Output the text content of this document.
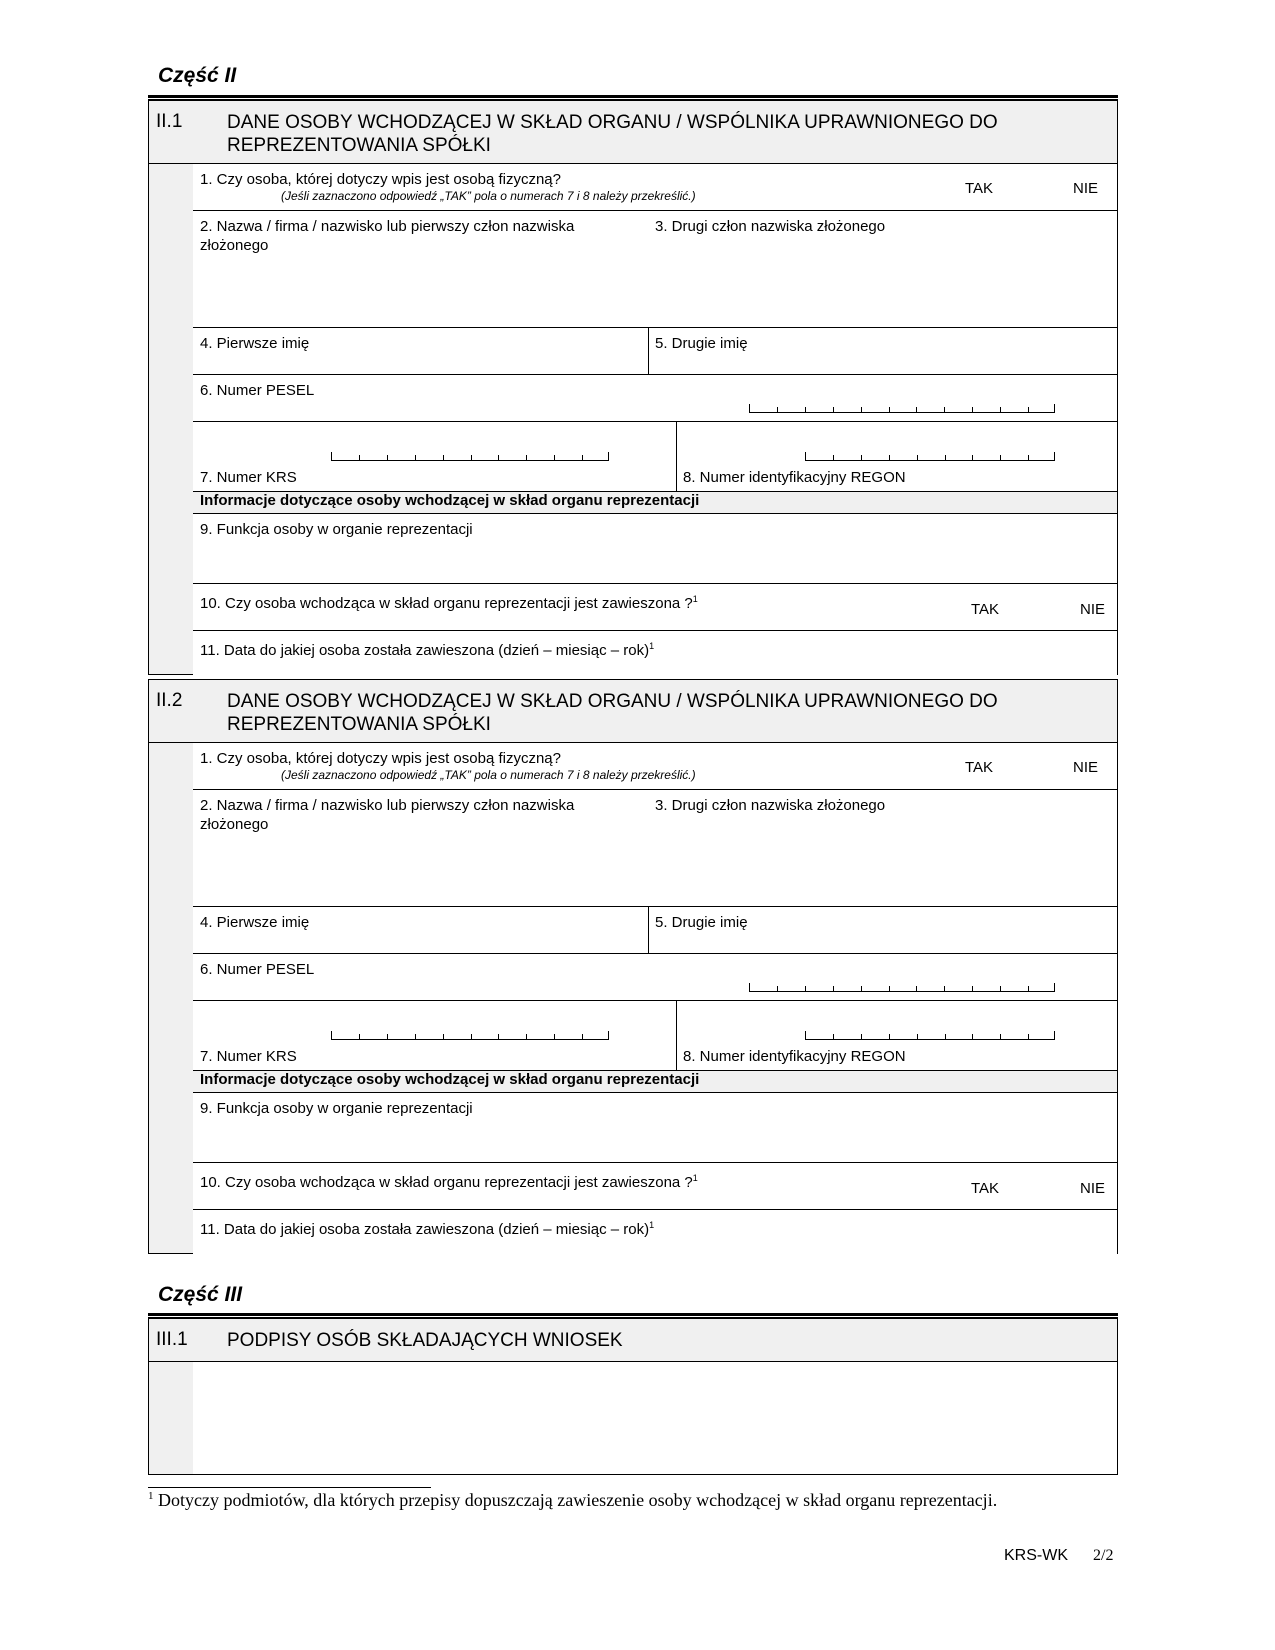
Część II
II.1 DANE OSOBY WCHODZĄCEJ W SKŁAD ORGANU / WSPÓLNIKA UPRAWNIONEGO DO
REPREZENTOWANIA SPÓŁKI
1. Czy osoba, której dotyczy wpis jest osobą fizyczną?
(Jeśli zaznaczono odpowiedź „TAK” pola o numerach 7 i 8 należy przekreślić.)	TAK	NIE
2. Nazwa / firma / nazwisko lub pierwszy człon nazwiska złożonego
3. Drugi człon nazwiska złożonego
4. Pierwsze imię	5. Drugie imię
6. Numer PESEL
7. Numer KRS	8. Numer identyfikacyjny REGON
Informacje dotyczące osoby wchodzącej w skład organu reprezentacji
9. Funkcja osoby w organie reprezentacji
10. Czy osoba wchodząca w skład organu reprezentacji jest zawieszona ?$^1$
TAK	NIE
11. Data do jakiej osoba została zawieszona (dzień – miesiąc – rok)$^1$
II.2 DANE OSOBY WCHODZĄCEJ W SKŁAD ORGANU / WSPÓLNIKA UPRAWNIONEGO DO
REPREZENTOWANIA SPÓŁKI
1. Czy osoba, której dotyczy wpis jest osobą fizyczną?
(Jeśli zaznaczono odpowiedź „TAK” pola o numerach 7 i 8 należy przekreślić.)	TAK	NIE
2. Nazwa / firma / nazwisko lub pierwszy człon nazwiska złożonego
3. Drugi człon nazwiska złożonego
4. Pierwsze imię	5. Drugie imię
6. Numer PESEL
7. Numer KRS	8. Numer identyfikacyjny REGON
Informacje dotyczące osoby wchodzącej w skład organu reprezentacji
9. Funkcja osoby w organie reprezentacji
10. Czy osoba wchodząca w skład organu reprezentacji jest zawieszona ?$^1$
TAK	NIE
11. Data do jakiej osoba została zawieszona (dzień – miesiąc – rok)$^1$
Część III
III.1 PODPISY OSÓB SKŁADAJĄCYCH WNIOSEK
$^1$ Dotyczy podmiotów, dla których przepisy dopuszczają zawieszenie osoby wchodzącej w skład organu reprezentacji.
KRS-WK 2/2
